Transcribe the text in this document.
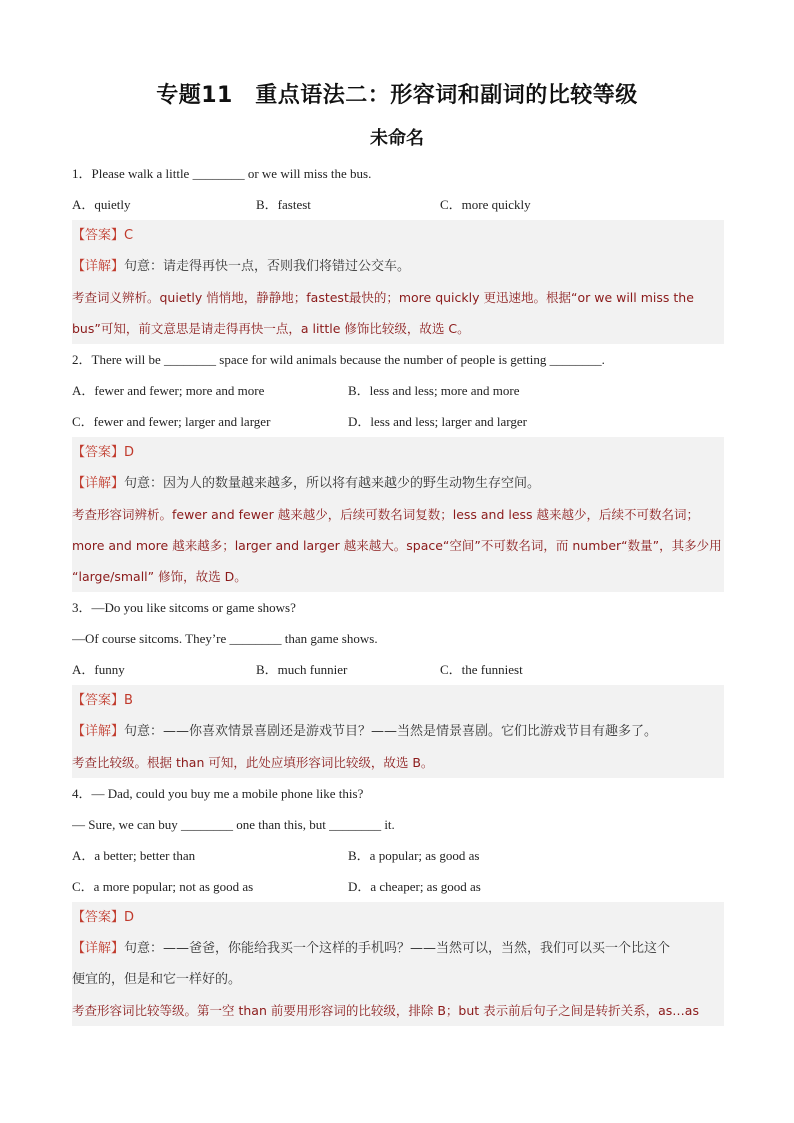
专题11　重点语法二：形容词和副词的比较等级
未命名
1．Please walk a little ________ or we will miss the bus.
A．quietly	B．fastest	C．more quickly
【答案】C
【详解】句意：请走得再快一点，否则我们将错过公交车。
考查词义辨析。quietly 悄悄地，静静地；fastest最快的；more quickly 更迅速地。根据“or we will miss the
bus”可知，前文意思是请走得再快一点，a little 修饰比较级，故选 C。
2．There will be ________ space for wild animals because the number of people is getting ________.
A．fewer and fewer; more and more	B．less and less; more and more
C．fewer and fewer; larger and larger	D．less and less; larger and larger
【答案】D
【详解】句意：因为人的数量越来越多，所以将有越来越少的野生动物生存空间。
考查形容词辨析。fewer and fewer 越来越少，后续可数名词复数；less and less 越来越少，后续不可数名词；
more and more 越来越多；larger and larger 越来越大。space“空间”不可数名词，而 number“数量”，其多少用
“large/small” 修饰，故选 D。
3．—Do you like sitcoms or game shows?
—Of course sitcoms. They’re ________ than game shows.
A．funny	B．much funnier	C．the funniest
【答案】B
【详解】句意：——你喜欢情景喜剧还是游戏节目？——当然是情景喜剧。它们比游戏节目有趣多了。
考查比较级。根据 than 可知，此处应填形容词比较级，故选 B。
4．— Dad, could you buy me a mobile phone like this?
— Sure, we can buy ________ one than this, but ________ it.
A．a better; better than	B．a popular; as good as
C．a more popular; not as good as	D．a cheaper; as good as
【答案】D
【详解】句意：——爸爸，你能给我买一个这样的手机吗？——当然可以，当然，我们可以买一个比这个
便宜的，但是和它一样好的。
考查形容词比较等级。第一空 than 前要用形容词的比较级，排除 B；but 表示前后句子之间是转折关系，as…as
